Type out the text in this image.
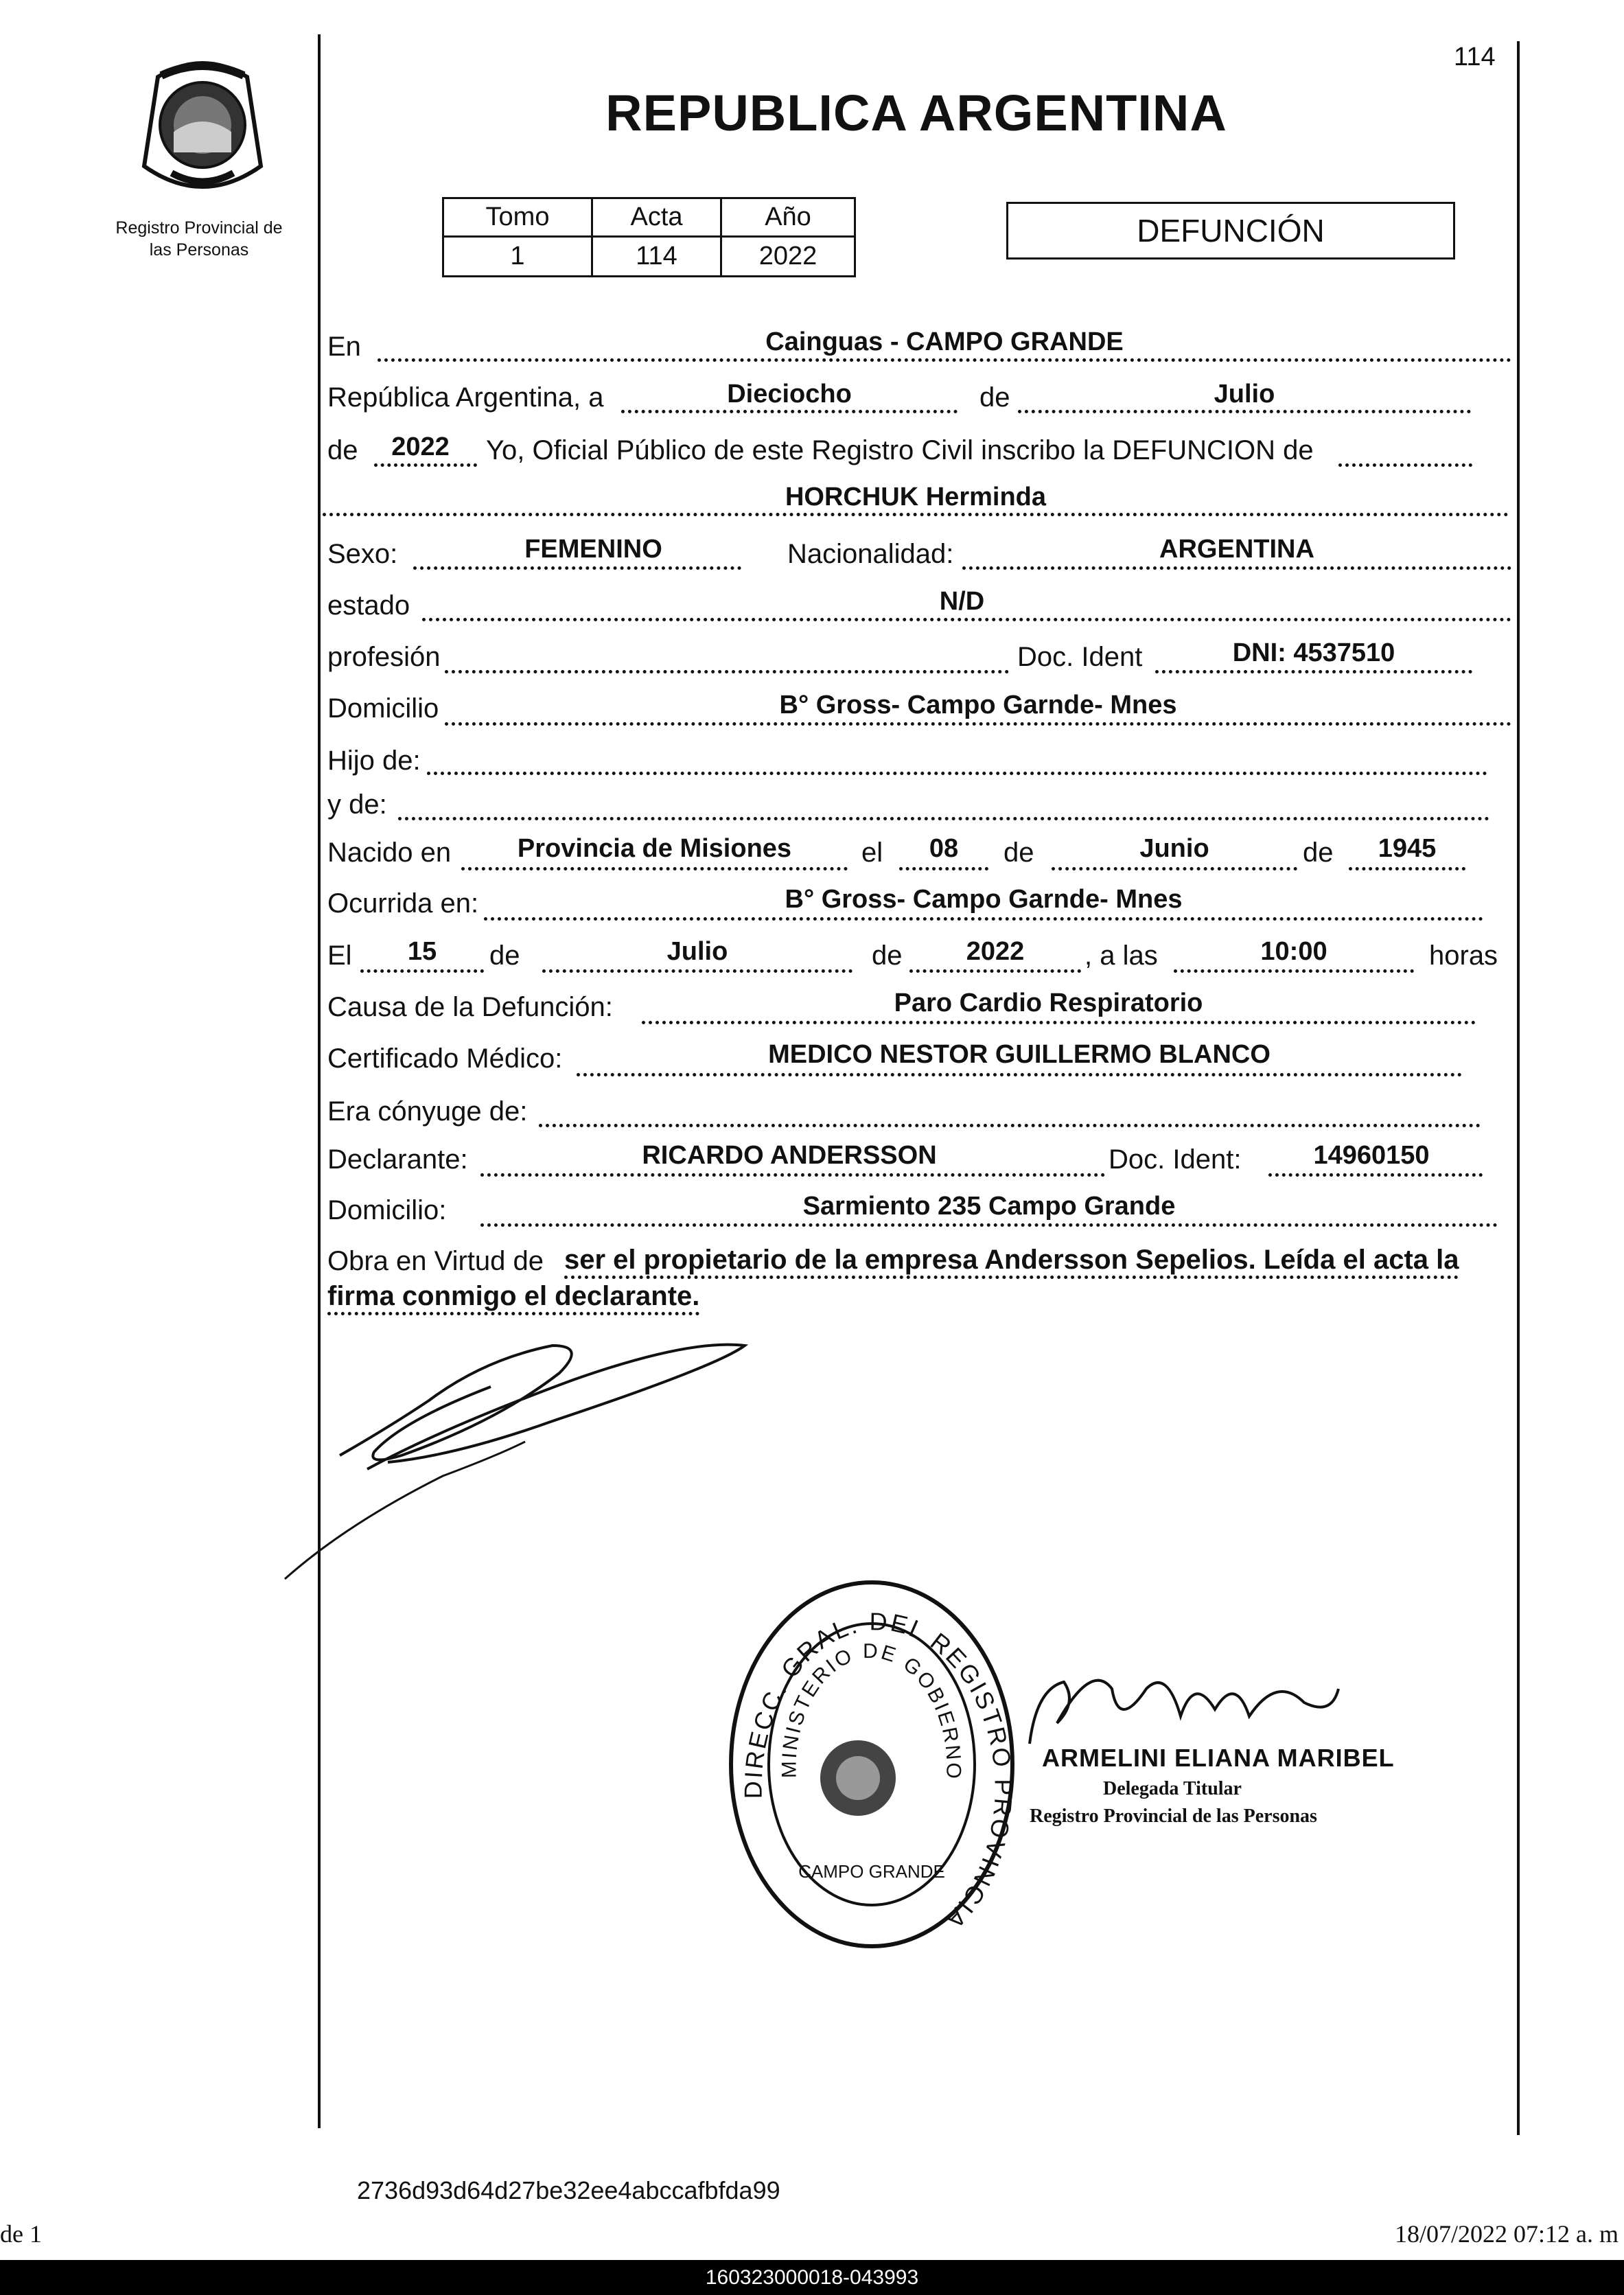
114
Registro Provincial de
las Personas
REPUBLICA ARGENTINA
Tomo	Acta	Año
1	114	2022
DEFUNCIÓN
En	Cainguas - CAMPO GRANDE
República Argentina, a	Dieciocho	de	Julio
de	2022	Yo, Oficial Público de este Registro Civil inscribo la DEFUNCION de
HORCHUK Herminda
Sexo:	FEMENINO	Nacionalidad:	ARGENTINA
estado	N/D
profesión	Doc. Ident	DNI: 4537510
Domicilio	B° Gross- Campo Garnde- Mnes
Hijo de:
y de:
Nacido en	Provincia de Misiones	el	08	de	Junio	de	1945
Ocurrida en:	B° Gross- Campo Garnde- Mnes
El	15	de	Julio	de	2022	, a las	10:00	horas
Causa de la Defunción:	Paro Cardio Respiratorio
Certificado Médico:	MEDICO NESTOR GUILLERMO BLANCO
Era cónyuge de:
Declarante:	RICARDO ANDERSSON	Doc. Ident:	14960150
Domicilio:	Sarmiento 235 Campo Grande
Obra en Virtud de ser el propietario de la empresa Andersson Sepelios. Leída el acta la
firma conmigo el declarante.
DIRECC. GRAL. DEL REGISTRO PROVINCIA
MINISTERIO DE GOBIERNO
CAMPO GRANDE
ARMELINI ELIANA MARIBEL
Delegada Titular
Registro Provincial de las Personas
2736d93d64d27be32ee4abccafbfda99
de 1	18/07/2022 07:12 a. m
160323000018-043993
